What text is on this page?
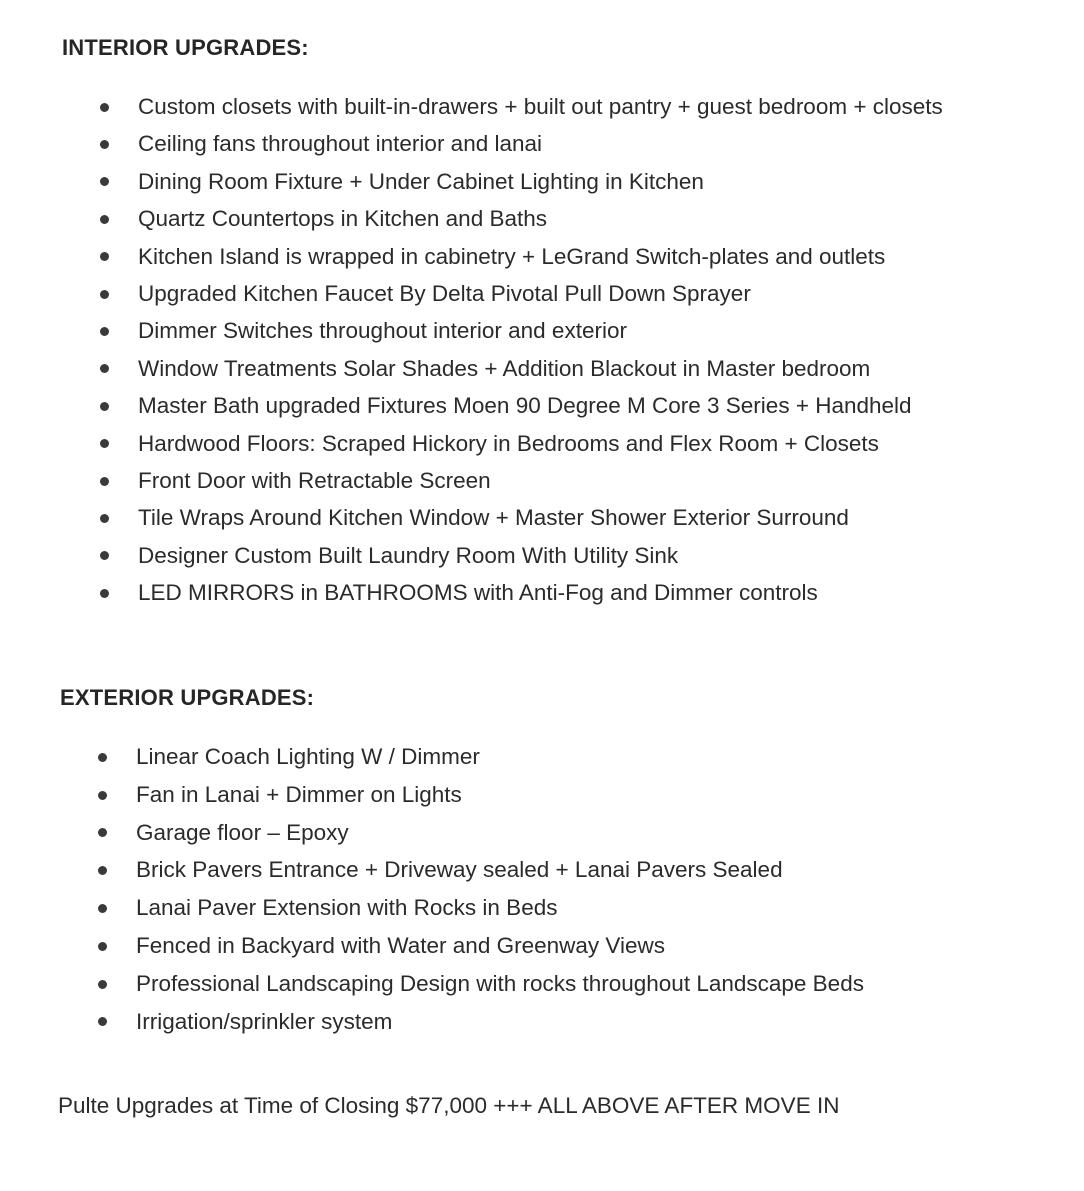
INTERIOR UPGRADES:
Custom closets with built-in-drawers + built out pantry + guest bedroom + closets
Ceiling fans throughout interior and lanai
Dining Room Fixture + Under Cabinet Lighting in Kitchen
Quartz Countertops in Kitchen and Baths
Kitchen Island is wrapped in cabinetry + LeGrand Switch-plates and outlets
Upgraded Kitchen Faucet By Delta Pivotal Pull Down Sprayer
Dimmer Switches throughout interior and exterior
Window Treatments Solar Shades + Addition Blackout in Master bedroom
Master Bath upgraded Fixtures Moen 90 Degree M Core 3 Series + Handheld
Hardwood Floors: Scraped Hickory in Bedrooms and Flex Room + Closets
Front Door with Retractable Screen
Tile Wraps Around Kitchen Window + Master Shower Exterior Surround
Designer Custom Built Laundry Room With Utility Sink
LED MIRRORS in BATHROOMS with Anti-Fog and Dimmer controls
EXTERIOR UPGRADES:
Linear Coach Lighting W / Dimmer
Fan in Lanai + Dimmer on Lights
Garage floor – Epoxy
Brick Pavers Entrance + Driveway sealed + Lanai Pavers Sealed
Lanai Paver Extension with Rocks in Beds
Fenced in Backyard with Water and Greenway Views
Professional Landscaping Design with rocks throughout Landscape Beds
Irrigation/sprinkler system

Pulte Upgrades at Time of Closing $77,000 +++ ALL ABOVE AFTER MOVE IN
